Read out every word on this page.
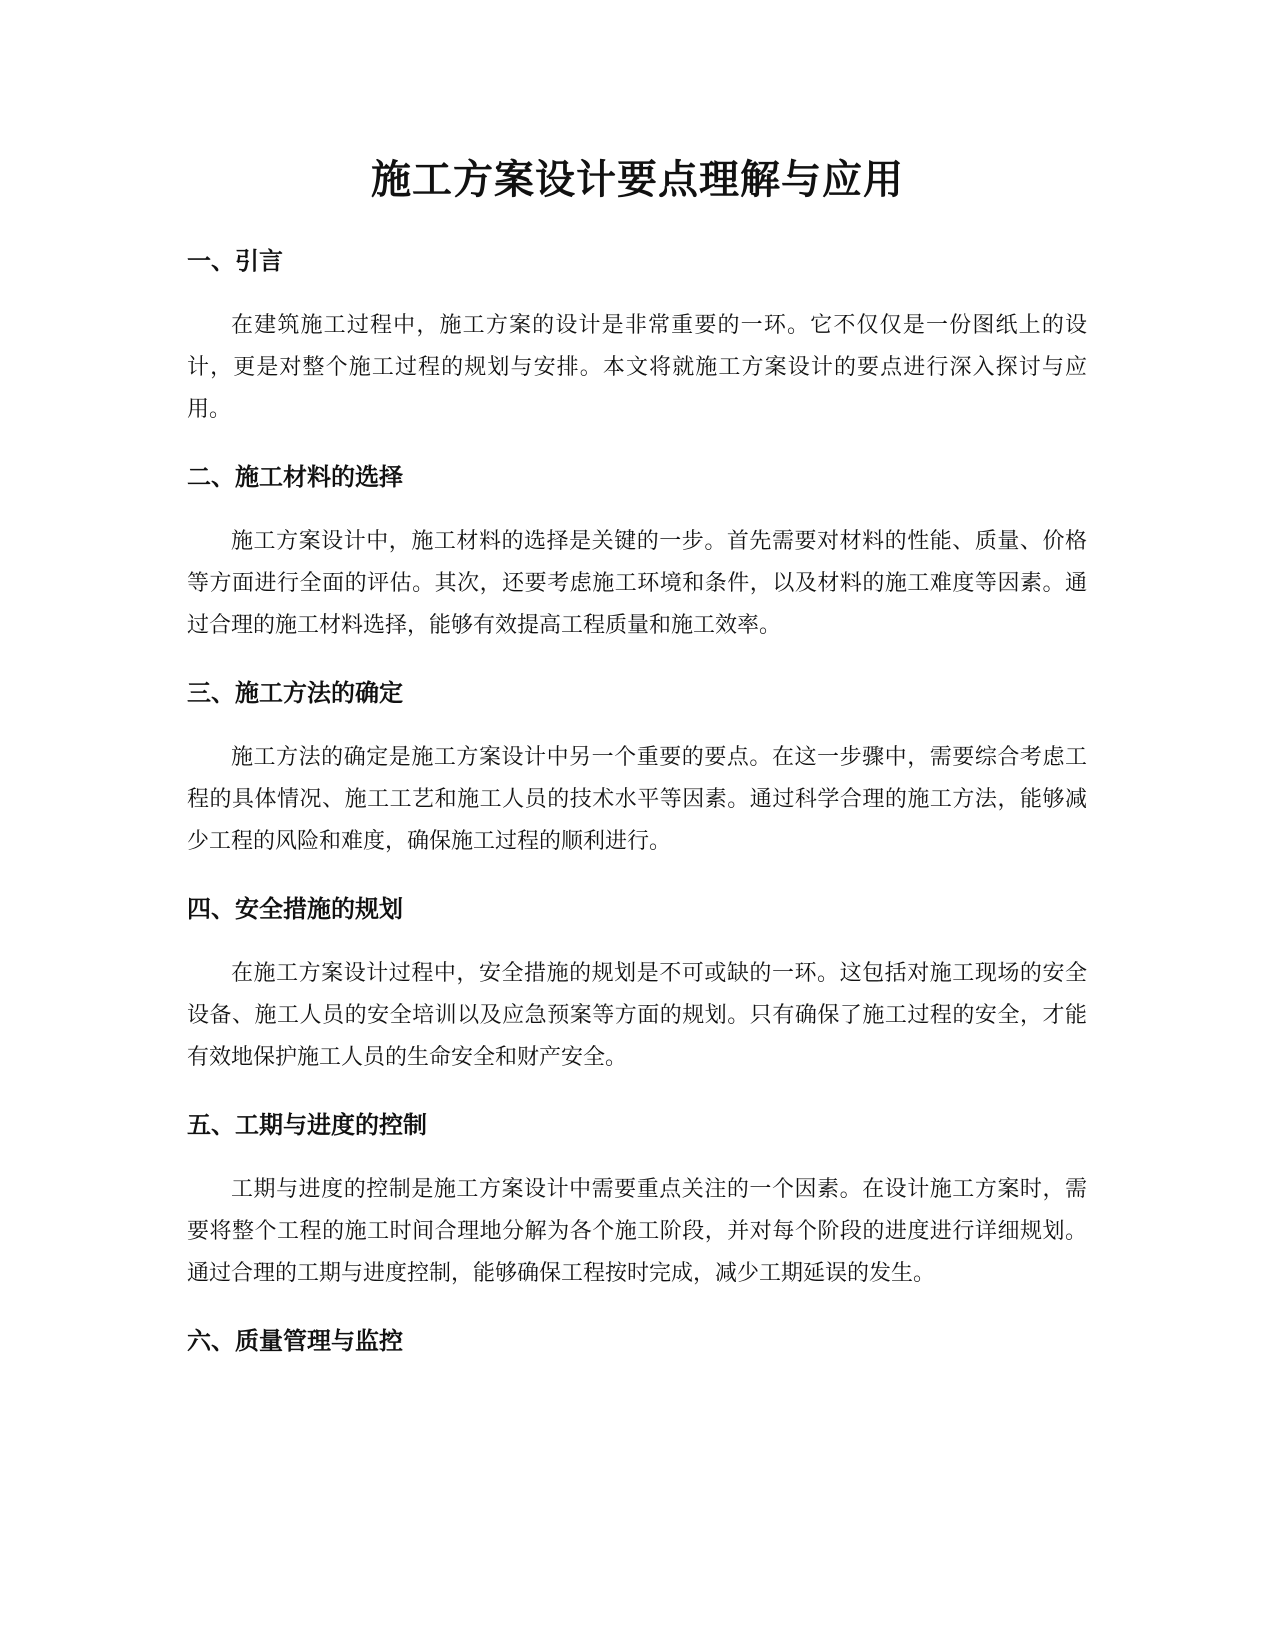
施工方案设计要点理解与应用
一、引言

在建筑施工过程中，施工方案的设计是非常重要的一环。它不仅仅是一份图纸上的设计，更是对整个施工过程的规划与安排。本文将就施工方案设计的要点进行深入探讨与应用。

二、施工材料的选择

施工方案设计中，施工材料的选择是关键的一步。首先需要对材料的性能、质量、价格等方面进行全面的评估。其次，还要考虑施工环境和条件，以及材料的施工难度等因素。通过合理的施工材料选择，能够有效提高工程质量和施工效率。

三、施工方法的确定

施工方法的确定是施工方案设计中另一个重要的要点。在这一步骤中，需要综合考虑工程的具体情况、施工工艺和施工人员的技术水平等因素。通过科学合理的施工方法，能够减少工程的风险和难度，确保施工过程的顺利进行。

四、安全措施的规划

在施工方案设计过程中，安全措施的规划是不可或缺的一环。这包括对施工现场的安全设备、施工人员的安全培训以及应急预案等方面的规划。只有确保了施工过程的安全，才能有效地保护施工人员的生命安全和财产安全。

五、工期与进度的控制

工期与进度的控制是施工方案设计中需要重点关注的一个因素。在设计施工方案时，需要将整个工程的施工时间合理地分解为各个施工阶段，并对每个阶段的进度进行详细规划。通过合理的工期与进度控制，能够确保工程按时完成，减少工期延误的发生。

六、质量管理与监控
